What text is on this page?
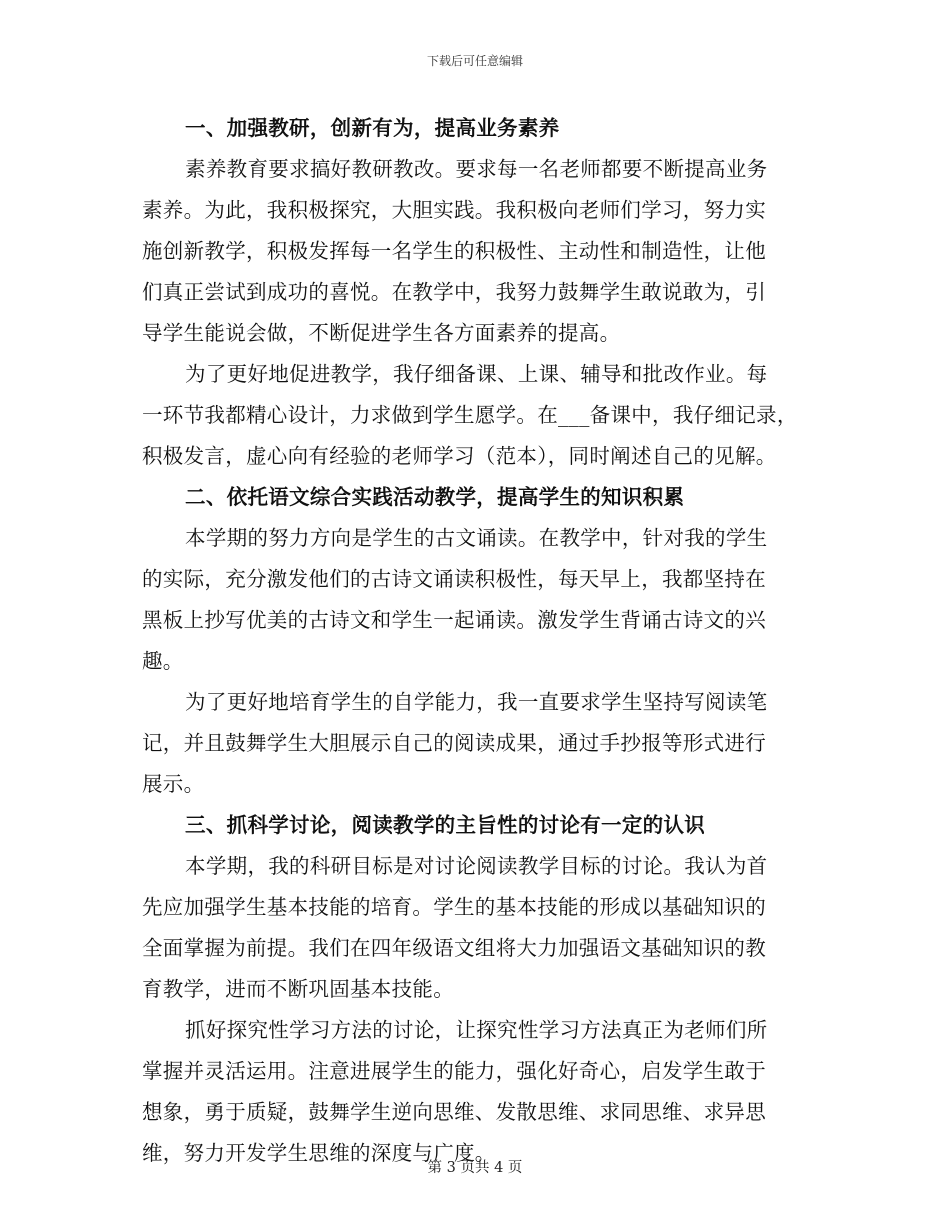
下载后可任意编辑
一、加强教研，创新有为，提高业务素养
素养教育要求搞好教研教改。要求每一名老师都要不断提高业务
素养。为此，我积极探究，大胆实践。我积极向老师们学习，努力实
施创新教学，积极发挥每一名学生的积极性、主动性和制造性，让他
们真正尝试到成功的喜悦。在教学中，我努力鼓舞学生敢说敢为，引
导学生能说会做，不断促进学生各方面素养的提高。
为了更好地促进教学，我仔细备课、上课、辅导和批改作业。每
一环节我都精心设计，力求做到学生愿学。在___备课中，我仔细记录，
积极发言，虚心向有经验的老师学习（范本），同时阐述自己的见解。
二、依托语文综合实践活动教学，提高学生的知识积累
本学期的努力方向是学生的古文诵读。在教学中，针对我的学生
的实际，充分激发他们的古诗文诵读积极性，每天早上，我都坚持在
黑板上抄写优美的古诗文和学生一起诵读。激发学生背诵古诗文的兴
趣。
为了更好地培育学生的自学能力，我一直要求学生坚持写阅读笔
记，并且鼓舞学生大胆展示自己的阅读成果，通过手抄报等形式进行
展示。
三、抓科学讨论，阅读教学的主旨性的讨论有一定的认识
本学期，我的科研目标是对讨论阅读教学目标的讨论。我认为首
先应加强学生基本技能的培育。学生的基本技能的形成以基础知识的
全面掌握为前提。我们在四年级语文组将大力加强语文基础知识的教
育教学，进而不断巩固基本技能。
抓好探究性学习方法的讨论，让探究性学习方法真正为老师们所
掌握并灵活运用。注意进展学生的能力，强化好奇心，启发学生敢于
想象，勇于质疑，鼓舞学生逆向思维、发散思维、求同思维、求异思
维，努力开发学生思维的深度与广度。
第 3 页共 4 页
